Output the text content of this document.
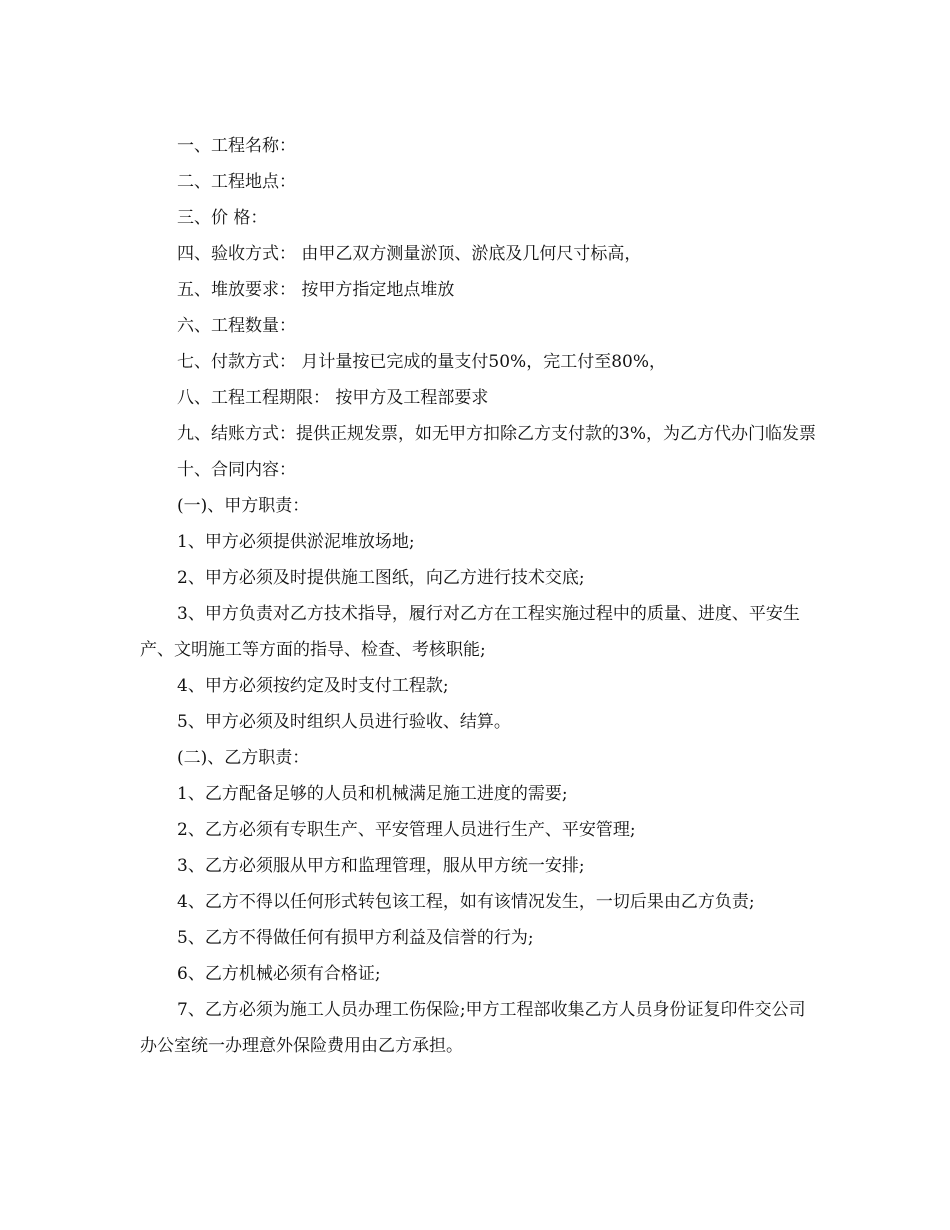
一、工程名称：

二、工程地点：

三、价 格：

四、验收方式： 由甲乙双方测量淤顶、淤底及几何尺寸标高，

五、堆放要求： 按甲方指定地点堆放

六、工程数量：

七、付款方式： 月计量按已完成的量支付50%，完工付至80%，

八、工程工程期限： 按甲方及工程部要求

九、结账方式：提供正规发票，如无甲方扣除乙方支付款的3%，为乙方代办门临发票

十、合同内容：

(一)、甲方职责：

1、甲方必须提供淤泥堆放场地;

2、甲方必须及时提供施工图纸，向乙方进行技术交底;

3、甲方负责对乙方技术指导，履行对乙方在工程实施过程中的质量、进度、平安生产、文明施工等方面的指导、检查、考核职能;

4、甲方必须按约定及时支付工程款;

5、甲方必须及时组织人员进行验收、结算。

(二)、乙方职责：

1、乙方配备足够的人员和机械满足施工进度的需要;

2、乙方必须有专职生产、平安管理人员进行生产、平安管理;

3、乙方必须服从甲方和监理管理，服从甲方统一安排;

4、乙方不得以任何形式转包该工程，如有该情况发生，一切后果由乙方负责;

5、乙方不得做任何有损甲方利益及信誉的行为;

6、乙方机械必须有合格证;

7、乙方必须为施工人员办理工伤保险;甲方工程部收集乙方人员身份证复印件交公司办公室统一办理意外保险费用由乙方承担。
